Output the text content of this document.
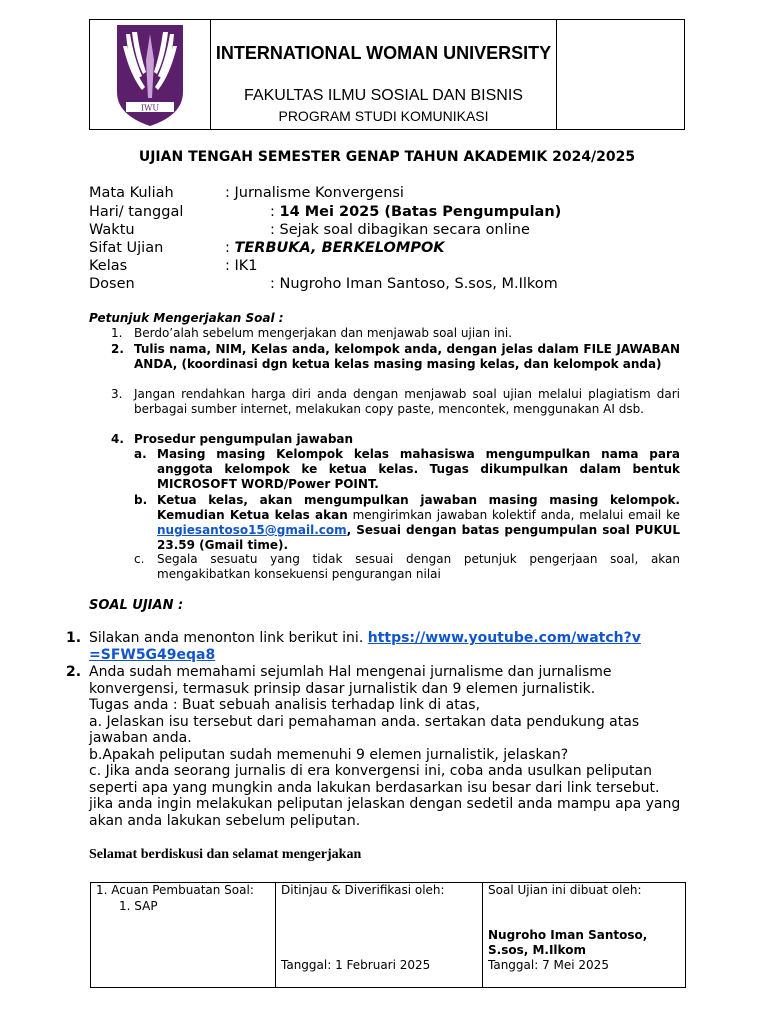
IWU
INTERNATIONAL WOMAN UNIVERSITY
FAKULTAS ILMU SOSIAL DAN BISNIS
PROGRAM STUDI KOMUNIKASI
UJIAN TENGAH SEMESTER GENAP TAHUN AKADEMIK 2024/2025
Mata Kuliah	: Jurnalisme Konvergensi
Hari/ tanggal	: 14 Mei 2025 (Batas Pengumpulan)
Waktu	: Sejak soal dibagikan secara online
Sifat Ujian	: TERBUKA, BERKELOMPOK
Kelas	: IK1
Dosen	: Nugroho Iman Santoso, S.sos, M.Ilkom
Petunjuk Mengerjakan Soal :
1. Berdo’alah sebelum mengerjakan dan menjawab soal ujian ini.
2. Tulis nama, NIM, Kelas anda, kelompok anda, dengan jelas dalam FILE JAWABAN ANDA, (koordinasi dgn ketua kelas masing masing kelas, dan kelompok anda)
3. Jangan rendahkan harga diri anda dengan menjawab soal ujian melalui plagiatism dari berbagai sumber internet, melakukan copy paste, mencontek, menggunakan AI dsb.
4. Prosedur pengumpulan jawaban
a. Masing masing Kelompok kelas mahasiswa mengumpulkan nama para anggota kelompok ke ketua kelas. Tugas dikumpulkan dalam bentuk MICROSOFT WORD/Power POINT.
b. Ketua kelas, akan mengumpulkan jawaban masing masing kelompok. Kemudian Ketua kelas akan mengirimkan jawaban kolektif anda, melalui email ke nugiesantoso15@gmail.com, Sesuai dengan batas pengumpulan soal PUKUL 23.59 (Gmail time).
c. Segala sesuatu yang tidak sesuai dengan petunjuk pengerjaan soal, akan mengakibatkan konsekuensi pengurangan nilai
SOAL UJIAN :
1. Silakan anda menonton link berikut ini. https://www.youtube.com/watch?v=SFW5G49eqa8
2. Anda sudah memahami sejumlah Hal mengenai jurnalisme dan jurnalisme
konvergensi, termasuk prinsip dasar jurnalistik dan 9 elemen jurnalistik.
Tugas anda : Buat sebuah analisis terhadap link di atas,
a. Jelaskan isu tersebut dari pemahaman anda. sertakan data pendukung atas
jawaban anda.
b.Apakah peliputan sudah memenuhi 9 elemen jurnalistik, jelaskan?
c. Jika anda seorang jurnalis di era konvergensi ini, coba anda usulkan peliputan
seperti apa yang mungkin anda lakukan berdasarkan isu besar dari link tersebut.
jika anda ingin melakukan peliputan jelaskan dengan sedetil anda mampu apa yang
akan anda lakukan sebelum peliputan.
Selamat berdiskusi dan selamat mengerjakan
1. Acuan Pembuatan Soal:
1. SAP
Ditinjau & Diverifikasi oleh:
Tanggal: 1 Februari 2025
Soal Ujian ini dibuat oleh:
Nugroho Iman Santoso,
S.sos, M.Ilkom
Tanggal: 7 Mei 2025
